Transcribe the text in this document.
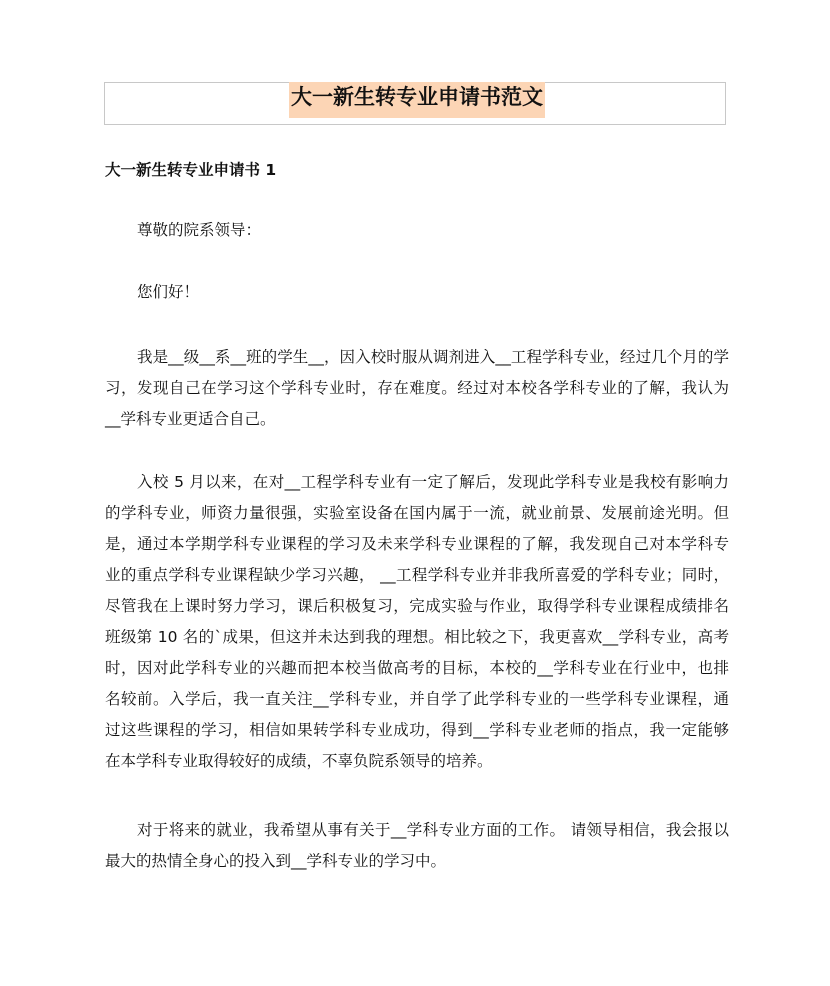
大一新生转专业申请书范文
大一新生转专业申请书 1
尊敬的院系领导：
您们好！
我是__级__系__班的学生__，因入校时服从调剂进入__工程学科专业，经过几个月的学
习，发现自己在学习这个学科专业时，存在难度。经过对本校各学科专业的了解，我认为
__学科专业更适合自己。
入校 5 月以来，在对__工程学科专业有一定了解后，发现此学科专业是我校有影响力
的学科专业，师资力量很强，实验室设备在国内属于一流，就业前景、发展前途光明。但
是，通过本学期学科专业课程的学习及未来学科专业课程的了解，我发现自己对本学科专
业的重点学科专业课程缺少学习兴趣， __工程学科专业并非我所喜爱的学科专业；同时，
尽管我在上课时努力学习，课后积极复习，完成实验与作业，取得学科专业课程成绩排名
班级第 10 名的`成果，但这并未达到我的理想。相比较之下，我更喜欢__学科专业，高考
时，因对此学科专业的兴趣而把本校当做高考的目标，本校的__学科专业在行业中，也排
名较前。入学后，我一直关注__学科专业，并自学了此学科专业的一些学科专业课程，通
过这些课程的学习，相信如果转学科专业成功，得到__学科专业老师的指点，我一定能够
在本学科专业取得较好的成绩，不辜负院系领导的培养。
对于将来的就业，我希望从事有关于__学科专业方面的工作。 请领导相信，我会报以
最大的热情全身心的投入到__学科专业的学习中。
